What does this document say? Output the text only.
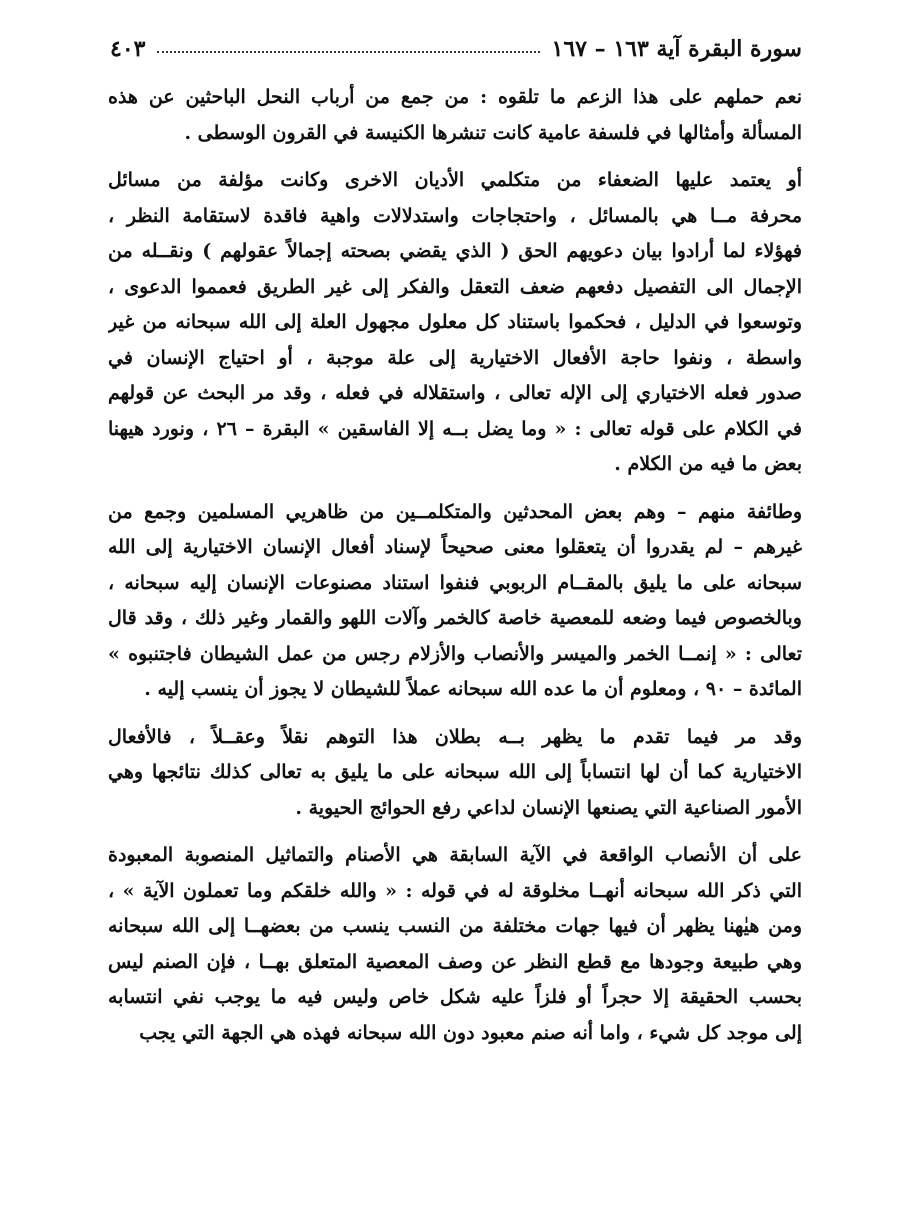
سورة البقرة آية ١٦٣ – ١٦٧
٤٠٣

نعم حملهم على هذا الزعم ما تلقوه : من جمع من أرباب النحل الباحثين عن هذه
المسألة وأمثالها في فلسفة عامية كانت تنشرها الكنيسة في القرون الوسطى .

أو يعتمد عليها الضعفاء من متكلمي الأديان الاخرى وكانت مؤلفة من مسائل
محرفة مــا هي بالمسائل ، واحتجاجات واستدلالات واهية فاقدة لاستقامة النظر ،
فهؤلاء لما أرادوا بيان دعويهم الحق ( الذي يقضي بصحته إجمالاً عقولهم ) ونقــله من
الإجمال الى التفصيل دفعهم ضعف التعقل والفكر إلى غير الطريق فعمموا الدعوى ،
وتوسعوا في الدليل ، فحكموا باستناد كل معلول مجهول العلة إلى الله سبحانه من غير
واسطة ، ونفوا حاجة الأفعال الاختيارية إلى علة موجبة ، أو احتياج الإنسان في
صدور فعله الاختياري إلى الإله تعالى ، واستقلاله في فعله ، وقد مر البحث عن قولهم
في الكلام على قوله تعالى : « وما يضل بــه إلا الفاسقين » البقرة – ٢٦ ، ونورد هيهنا
بعض ما فيه من الكلام .

وطائفة منهم – وهم بعض المحدثين والمتكلمــين من ظاهريي المسلمين وجمع من
غيرهم – لم يقدروا أن يتعقلوا معنى صحيحاً لإسناد أفعال الإنسان الاختيارية إلى الله
سبحانه على ما يليق بالمقــام الربوبي فنفوا استناد مصنوعات الإنسان إليه سبحانه ،
وبالخصوص فيما وضعه للمعصية خاصة كالخمر وآلات اللهو والقمار وغير ذلك ، وقد قال
تعالى : « إنمــا الخمر والميسر والأنصاب والأزلام رجس من عمل الشيطان فاجتنبوه »
المائدة – ٩٠ ، ومعلوم أن ما عده الله سبحانه عملاً للشيطان لا يجوز أن ينسب إليه .

وقد مر فيما تقدم ما يظهر بــه بطلان هذا التوهم نقلاً وعقــلاً ، فالأفعال
الاختيارية كما أن لها انتساباً إلى الله سبحانه على ما يليق به تعالى كذلك نتائجها وهي
الأمور الصناعية التي يصنعها الإنسان لداعي رفع الحوائج الحيوية .

على أن الأنصاب الواقعة في الآية السابقة هي الأصنام والتماثيل المنصوبة المعبودة
التي ذكر الله سبحانه أنهــا مخلوقة له في قوله : « والله خلقكم وما تعملون الآية » ،
ومن هيٰهنا يظهر أن فيها جهات مختلفة من النسب ينسب من بعضهــا إلى الله سبحانه
وهي طبيعة وجودها مع قطع النظر عن وصف المعصية المتعلق بهــا ، فإن الصنم ليس
بحسب الحقيقة إلا حجراً أو فلزاً عليه شكل خاص وليس فيه ما يوجب نفي انتسابه
إلى موجد كل شيء ، واما أنه صنم معبود دون الله سبحانه فهذه هي الجهة التي يجب
